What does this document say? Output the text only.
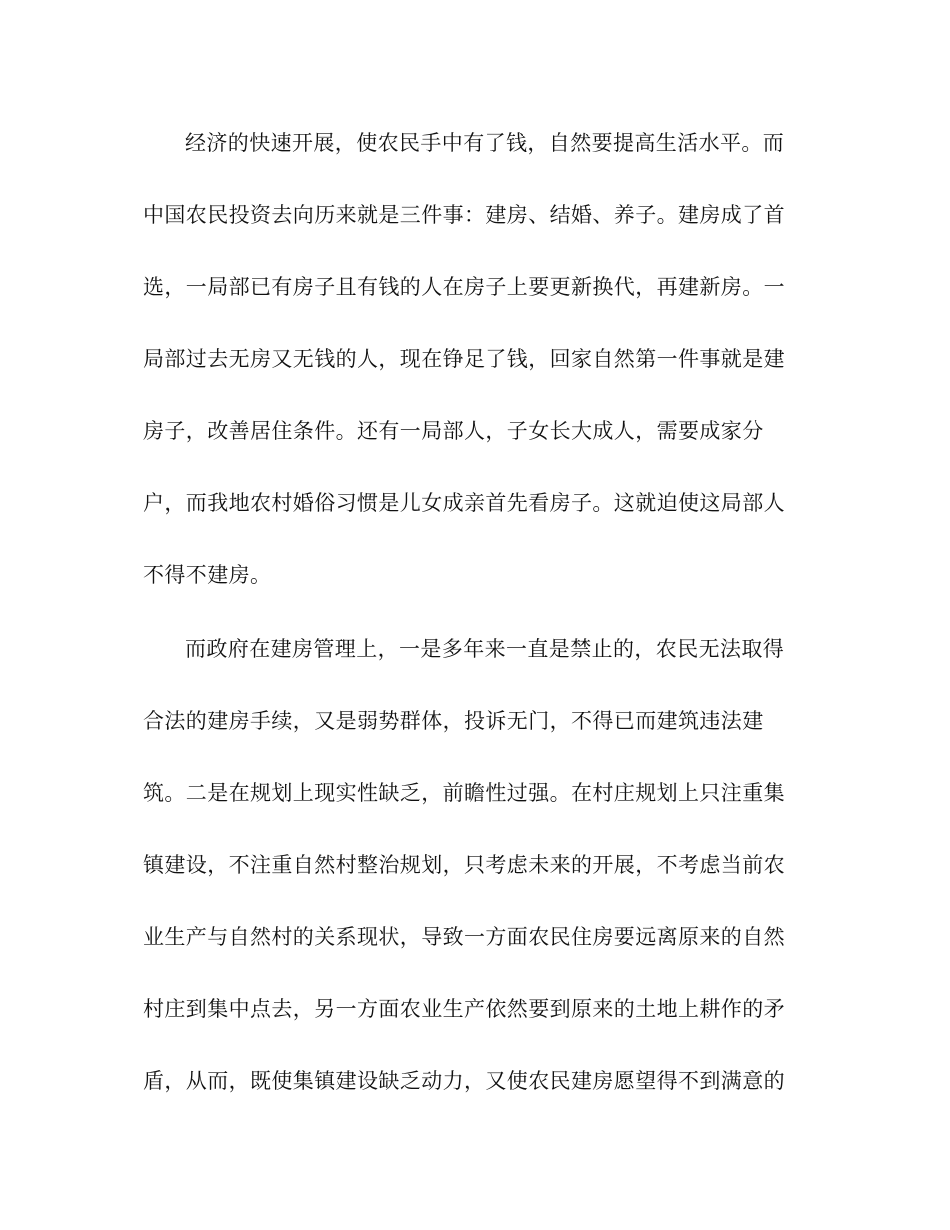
经济的快速开展，使农民手中有了钱，自然要提高生活水平。而

中国农民投资去向历来就是三件事：建房、结婚、养子。建房成了首

选，一局部已有房子且有钱的人在房子上要更新换代，再建新房。一

局部过去无房又无钱的人，现在铮足了钱，回家自然第一件事就是建

房子，改善居住条件。还有一局部人，子女长大成人，需要成家分

户，而我地农村婚俗习惯是儿女成亲首先看房子。这就迫使这局部人

不得不建房。

而政府在建房管理上，一是多年来一直是禁止的，农民无法取得

合法的建房手续，又是弱势群体，投诉无门，不得已而建筑违法建

筑。二是在规划上现实性缺乏，前瞻性过强。在村庄规划上只注重集

镇建设，不注重自然村整治规划，只考虑未来的开展，不考虑当前农

业生产与自然村的关系现状，导致一方面农民住房要远离原来的自然

村庄到集中点去，另一方面农业生产依然要到原来的土地上耕作的矛

盾，从而，既使集镇建设缺乏动力，又使农民建房愿望得不到满意的
